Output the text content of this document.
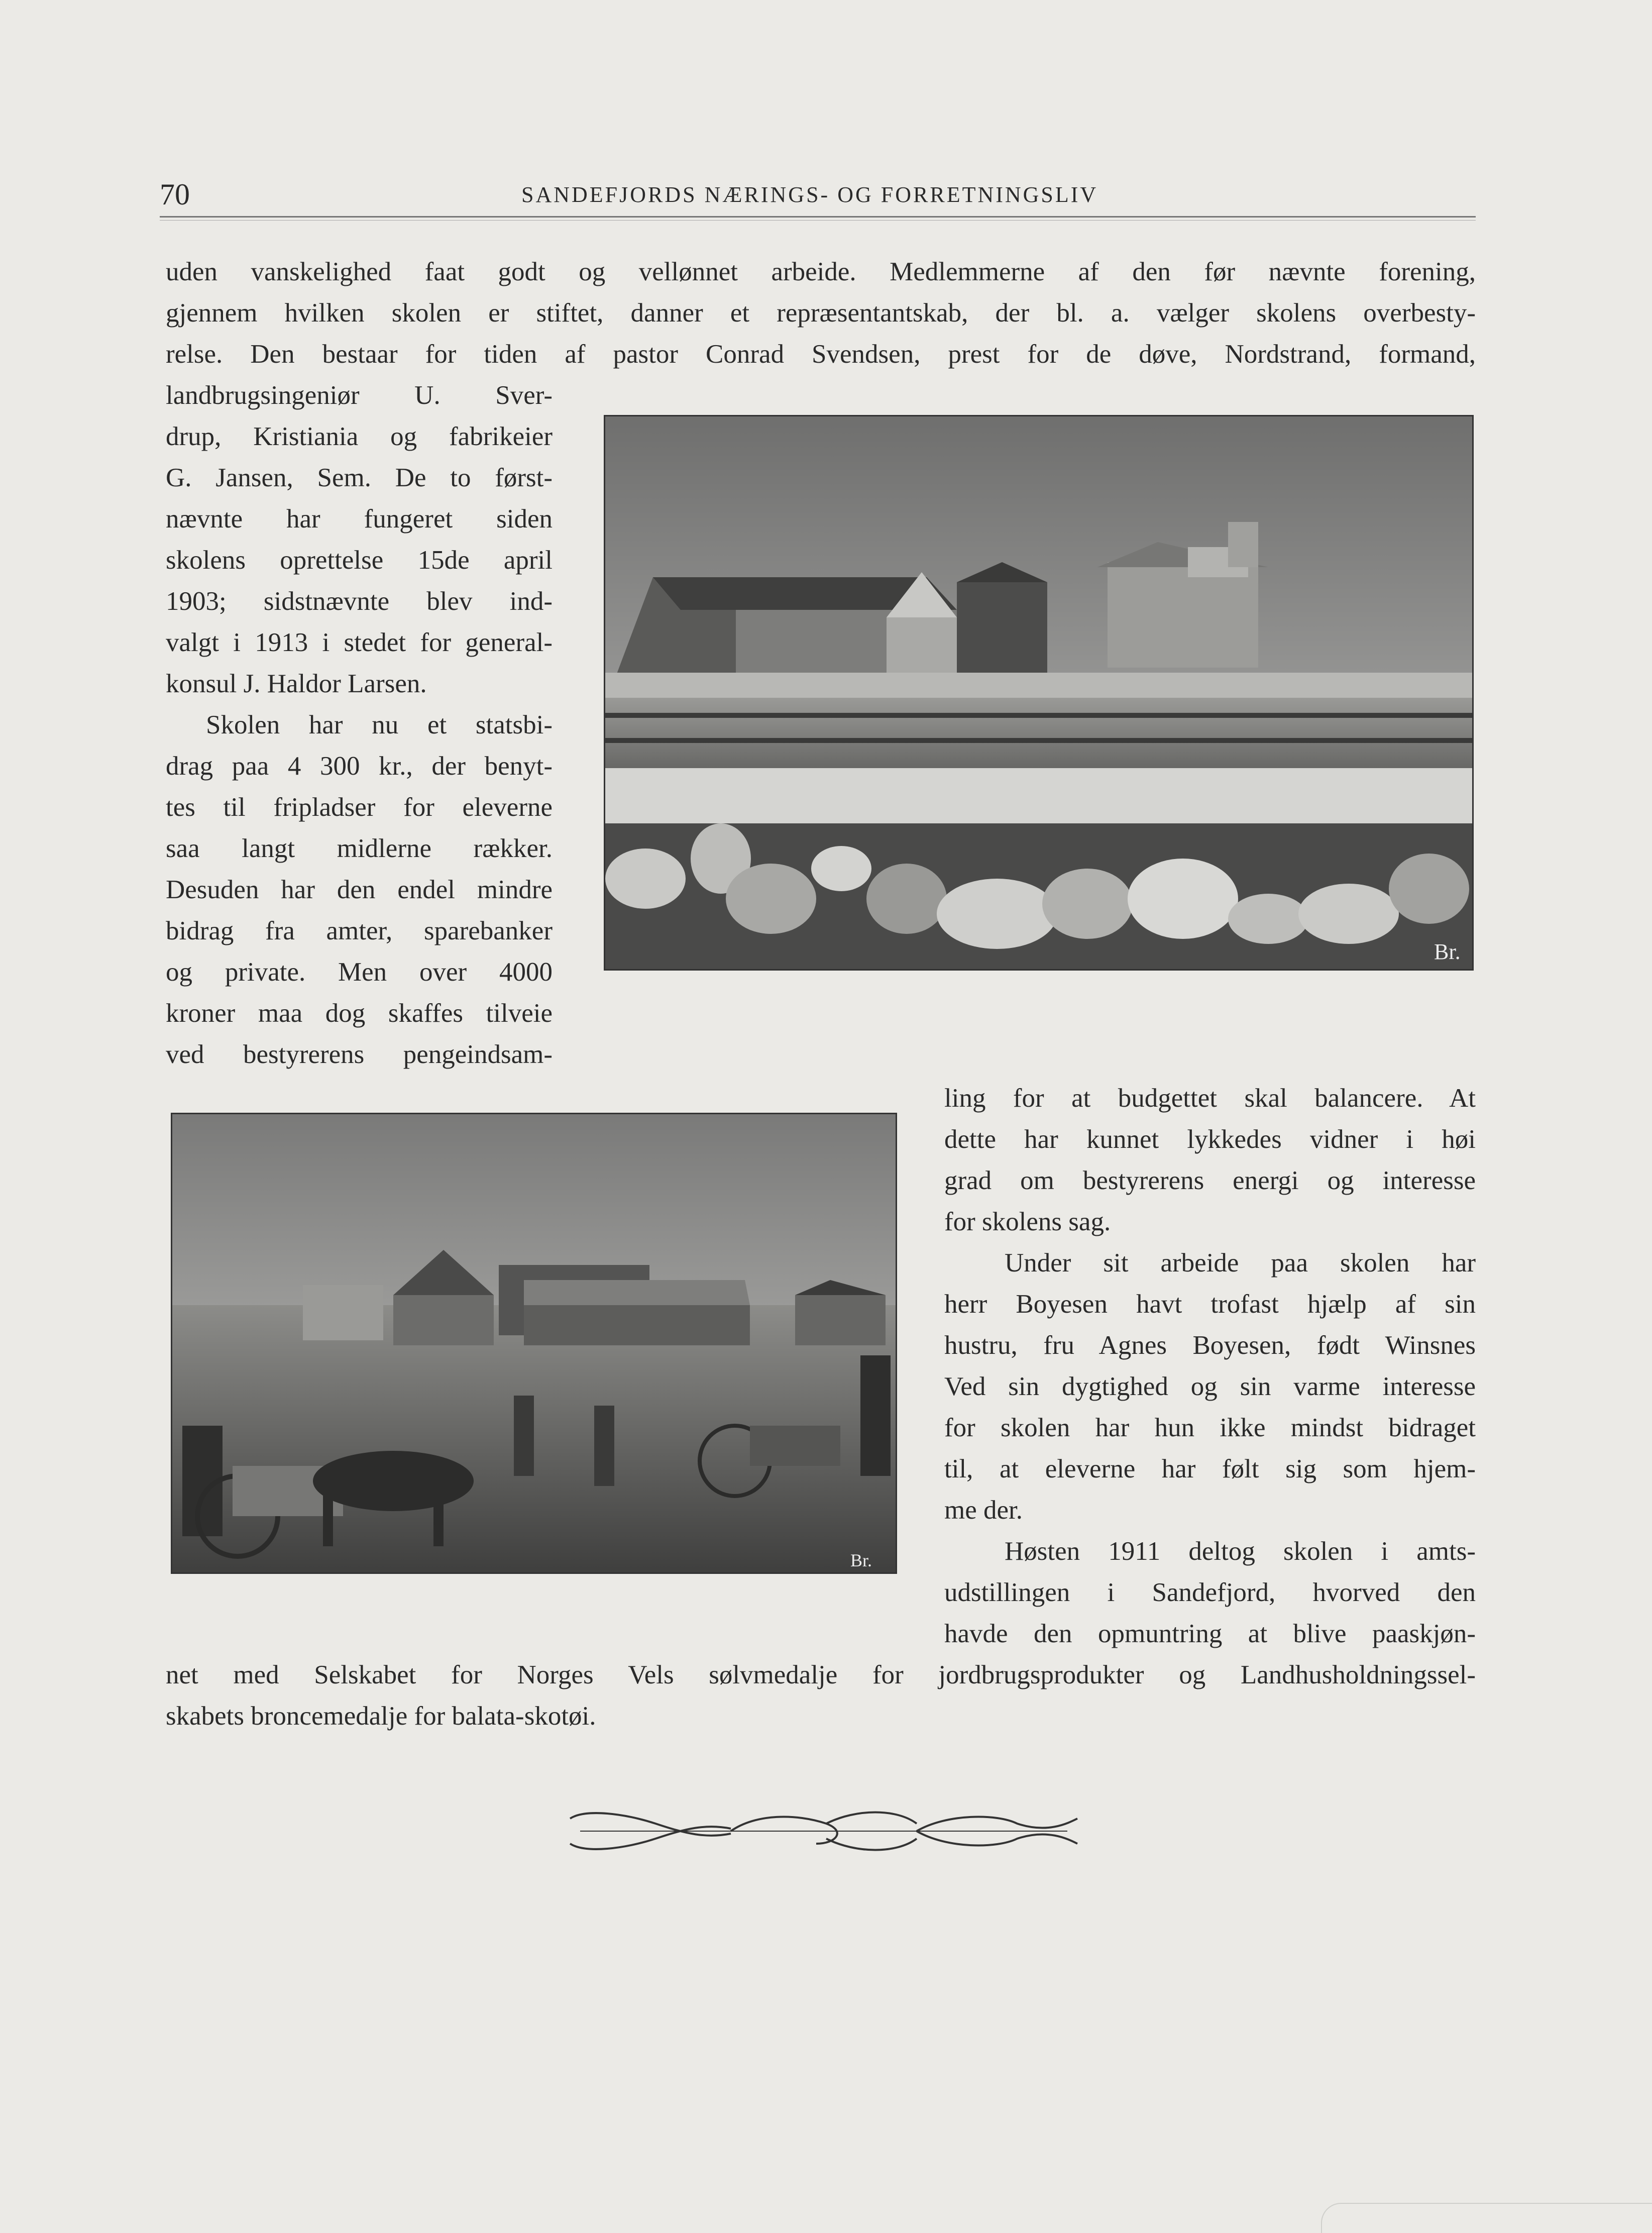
70	SANDEFJORDS NÆRINGS- OG FORRETNINGSLIV
uden vanskelighed faat godt og vellønnet arbeide. Medlemmerne af den før nævnte forening,
gjennem hvilken skolen er stiftet, danner et repræsentantskab, der bl. a. vælger skolens overbesty-
relse. Den bestaar for tiden af pastor Conrad Svendsen, prest for de døve, Nordstrand, formand,
landbrugsingeniør U. Sver-
drup, Kristiania og fabrikeier
G. Jansen, Sem. De to først-
nævnte har fungeret siden
skolens oprettelse 15de april
1903; sidstnævnte blev ind-
valgt i 1913 i stedet for general-
konsul J. Haldor Larsen.
Skolen har nu et statsbi-
drag paa 4 300 kr., der benyt-
tes til fripladser for eleverne
saa langt midlerne rækker.
Desuden har den endel mindre
bidrag fra amter, sparebanker
og private. Men over 4000
kroner maa dog skaffes tilveie
ved bestyrerens pengeindsam-
Br.
ling for at budgettet skal balancere. At
dette har kunnet lykkedes vidner i høi
grad om bestyrerens energi og interesse
for skolens sag.
Under sit arbeide paa skolen har
herr Boyesen havt trofast hjælp af sin
hustru, fru Agnes Boyesen, født Winsnes
Ved sin dygtighed og sin varme interesse
for skolen har hun ikke mindst bidraget
til, at eleverne har følt sig som hjem-
me der.
Høsten 1911 deltog skolen i amts-
udstillingen i Sandefjord, hvorved den
havde den opmuntring at blive paaskjøn-
Br.
net med Selskabet for Norges Vels sølvmedalje for jordbrugsprodukter og Landhusholdningssel-
skabets broncemedalje for balata-skotøi.
